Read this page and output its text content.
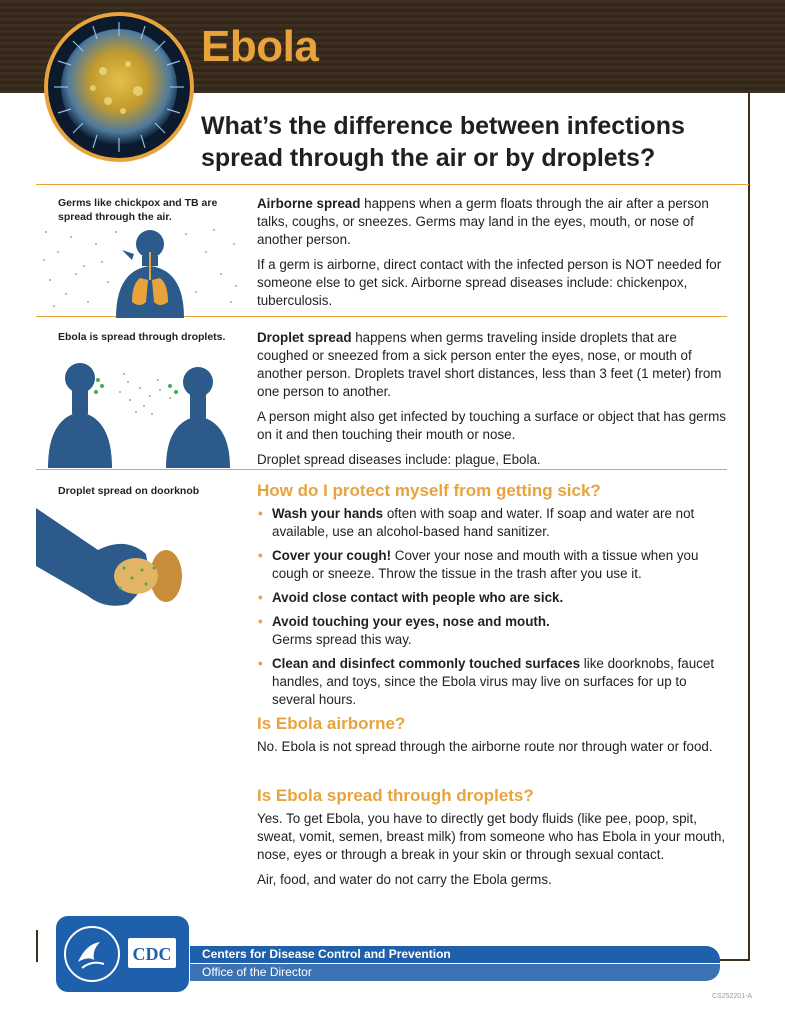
Ebola
What’s the difference between infections spread through the air or by droplets?
Germs like chickpox and TB are spread through the air.

Airborne spread happens when a germ floats through the air after a person talks, coughs, or sneezes. Germs may land in the eyes, mouth, or nose of another person.

If a germ is airborne, direct contact with the infected person is NOT needed for someone else to get sick. Airborne spread diseases include: chickenpox, tuberculosis.

Ebola is spread through droplets.	Droplet spread happens when germs traveling inside droplets that are coughed or sneezed from a sick person enter the eyes, nose, or mouth of another person. Droplets travel short distances, less than 3 feet (1 meter) from one person to another.

A person might also get infected by touching a surface or object that has germs on it and then touching their mouth or nose.

Droplet spread diseases include: plague, Ebola.

Droplet spread on doorknob	How do I protect myself from getting sick?
• Wash your hands often with soap and water. If soap and water are not available, use an alcohol-based hand sanitizer.
• Cover your cough! Cover your nose and mouth with a tissue when you cough or sneeze. Throw the tissue in the trash after you use it.
• Avoid close contact with people who are sick.
• Avoid touching your eyes, nose and mouth.
Germs spread this way.
• Clean and disinfect commonly touched surfaces like doorknobs, faucet handles, and toys, since the Ebola virus may live on surfaces for up to several hours.
Is Ebola airborne?

No. Ebola is not spread through the airborne route nor through water or food.

Is Ebola spread through droplets?

Yes. To get Ebola, you have to directly get body fluids (like pee, poop, spit, sweat, vomit, semen, breast milk) from someone who has Ebola in your mouth, nose, eyes or through a break in your skin or through sexual contact.

Air, food, and water do not carry the Ebola germs.

CDC	Centers for Disease Control and Prevention
Office of the Director
CS252201-A
